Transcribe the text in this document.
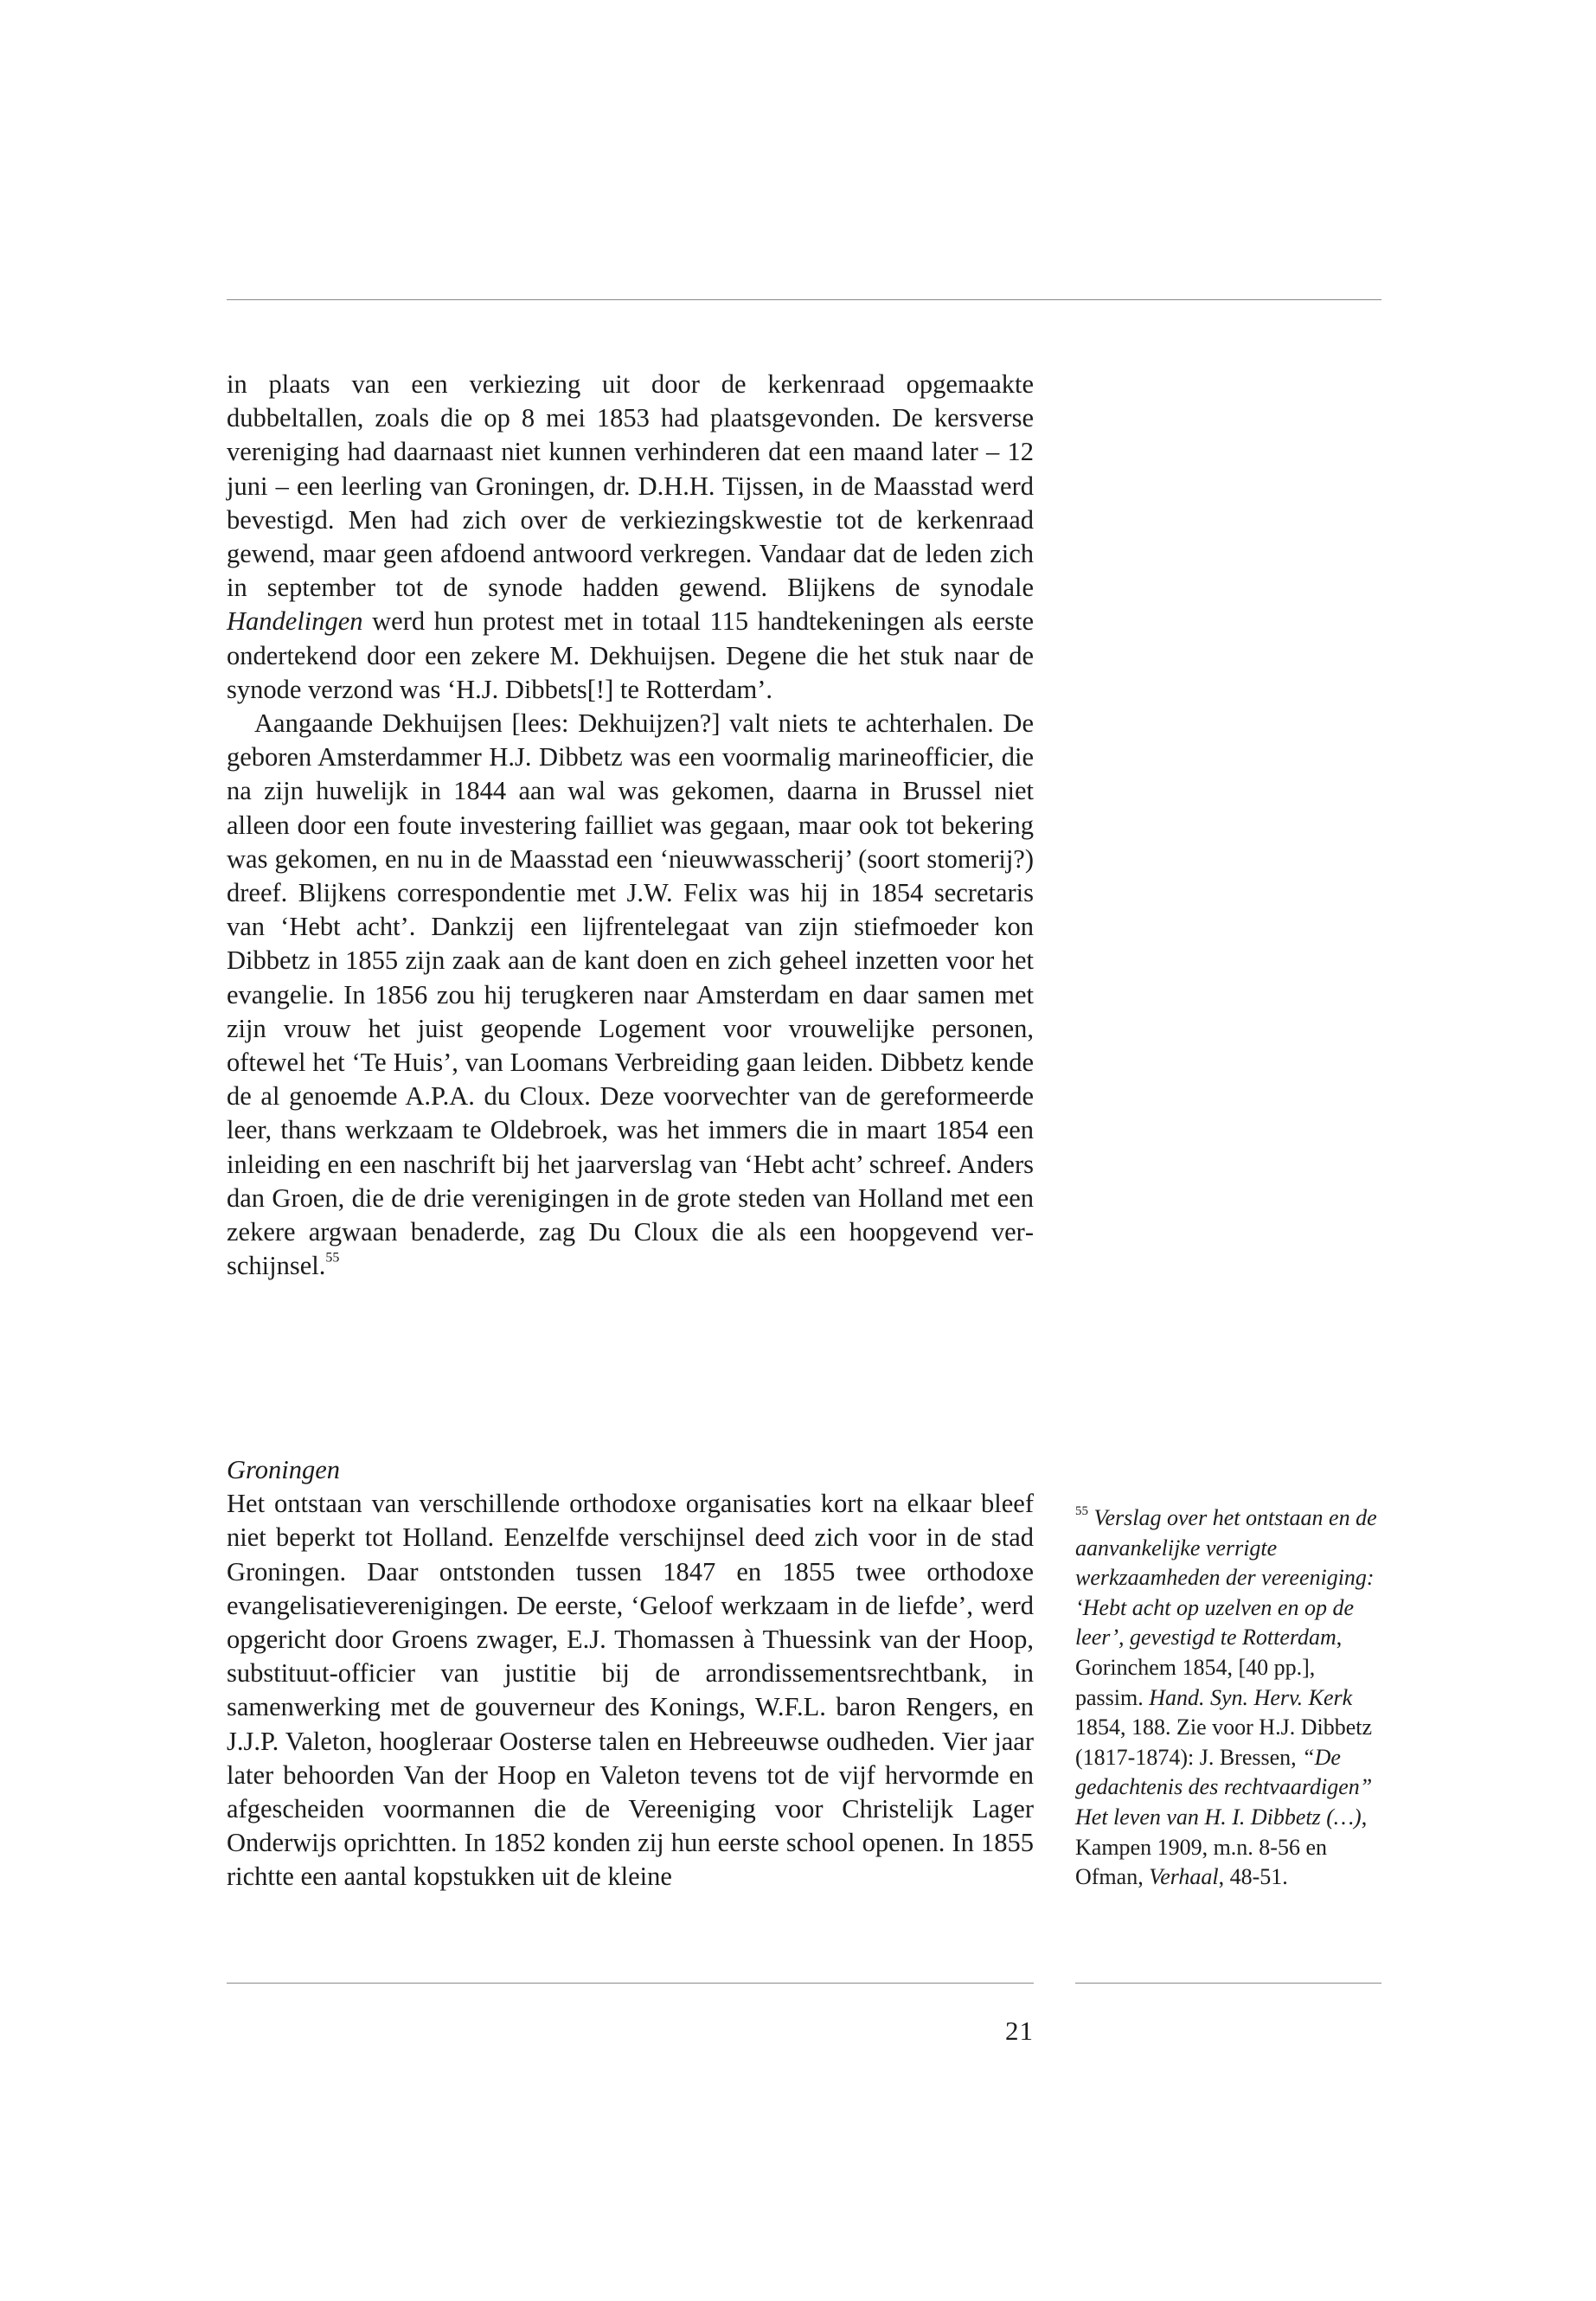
in plaats van een verkiezing uit door de kerkenraad opgemaakte dubbeltallen, zoals die op 8 mei 1853 had plaatsgevonden. De kersverse vereniging had daarnaast niet kunnen verhinderen dat een maand later – 12 juni – een leerling van Groningen, dr. D.H.H. Tijssen, in de Maasstad werd bevestigd. Men had zich over de verkiezingskwestie tot de kerkenraad gewend, maar geen afdoend antwoord verkregen. Vandaar dat de leden zich in september tot de synode hadden gewend. Blijkens de synodale Handelingen werd hun protest met in totaal 115 handtekeningen als eerste ondertekend door een zekere M. Dekhuijsen. Degene die het stuk naar de synode verzond was ‘H.J. Dibbets[!] te Rotterdam’.

Aangaande Dekhuijsen [lees: Dekhuijzen?] valt niets te achterhalen. De geboren Amsterdammer H.J. Dibbetz was een voormalig marineofficier, die na zijn huwelijk in 1844 aan wal was gekomen, daarna in Brussel niet alleen door een foute investering failliet was gegaan, maar ook tot bekering was gekomen, en nu in de Maasstad een ‘nieuwwasscherij’ (soort stomerij?) dreef. Blijkens correspondentie met J.W. Felix was hij in 1854 secretaris van ‘Hebt acht’. Dankzij een lijfrentelegaat van zijn stiefmoeder kon Dibbetz in 1855 zijn zaak aan de kant doen en zich geheel inzetten voor het evangelie. In 1856 zou hij terugkeren naar Amsterdam en daar samen met zijn vrouw het juist geopende Logement voor vrouwelijke personen, oftewel het ‘Te Huis’, van Loomans Verbreiding gaan leiden. Dibbetz kende de al genoemde A.P.A. du Cloux. Deze voorvechter van de gereformeerde leer, thans werkzaam te Oldebroek, was het immers die in maart 1854 een inleiding en een naschrift bij het jaarverslag van ‘Hebt acht’ schreef. Anders dan Groen, die de drie verenigingen in de grote steden van Holland met een zekere argwaan benaderde, zag Du Cloux die als een hoopgevend verschijnsel.$^{55}$

Groningen

Het ontstaan van verschillende orthodoxe organisaties kort na elkaar bleef niet beperkt tot Holland. Eenzelfde verschijnsel deed zich voor in de stad Groningen. Daar ontstonden tussen 1847 en 1855 twee orthodoxe evangelisatieverenigingen. De eerste, ‘Geloof werkzaam in de liefde’, werd opgericht door Groens zwager, E.J. Thomassen à Thuessink van der Hoop, substituut-officier van justitie bij de arrondissementsrechtbank, in samenwerking met de gouverneur des Konings, W.F.L. baron Rengers, en J.J.P. Valeton, hoogleraar Oosterse talen en Hebreeuwse oudheden. Vier jaar later behoorden Van der Hoop en Valeton tevens tot de vijf hervormde en afgescheiden voormannen die de Vereeniging voor Christelijk Lager Onderwijs oprichtten. In 1852 konden zij hun eerste school openen. In 1855 richtte een aantal kopstukken uit de kleine

$^{55}$ Verslag over het ontstaan en de aanvankelijke verrigte werkzaamheden der vereeniging: ‘Hebt acht op uzelven en op de leer’, gevestigd te Rotterdam, Gorinchem 1854, [40 pp.], passim. Hand. Syn. Herv. Kerk 1854, 188. Zie voor H.J. Dibbetz (1817-1874): J. Bressen, “De gedachtenis des rechtvaardigen” Het leven van H. I. Dibbetz (…), Kampen 1909, m.n. 8-56 en Ofman, Verhaal, 48-51.

21
